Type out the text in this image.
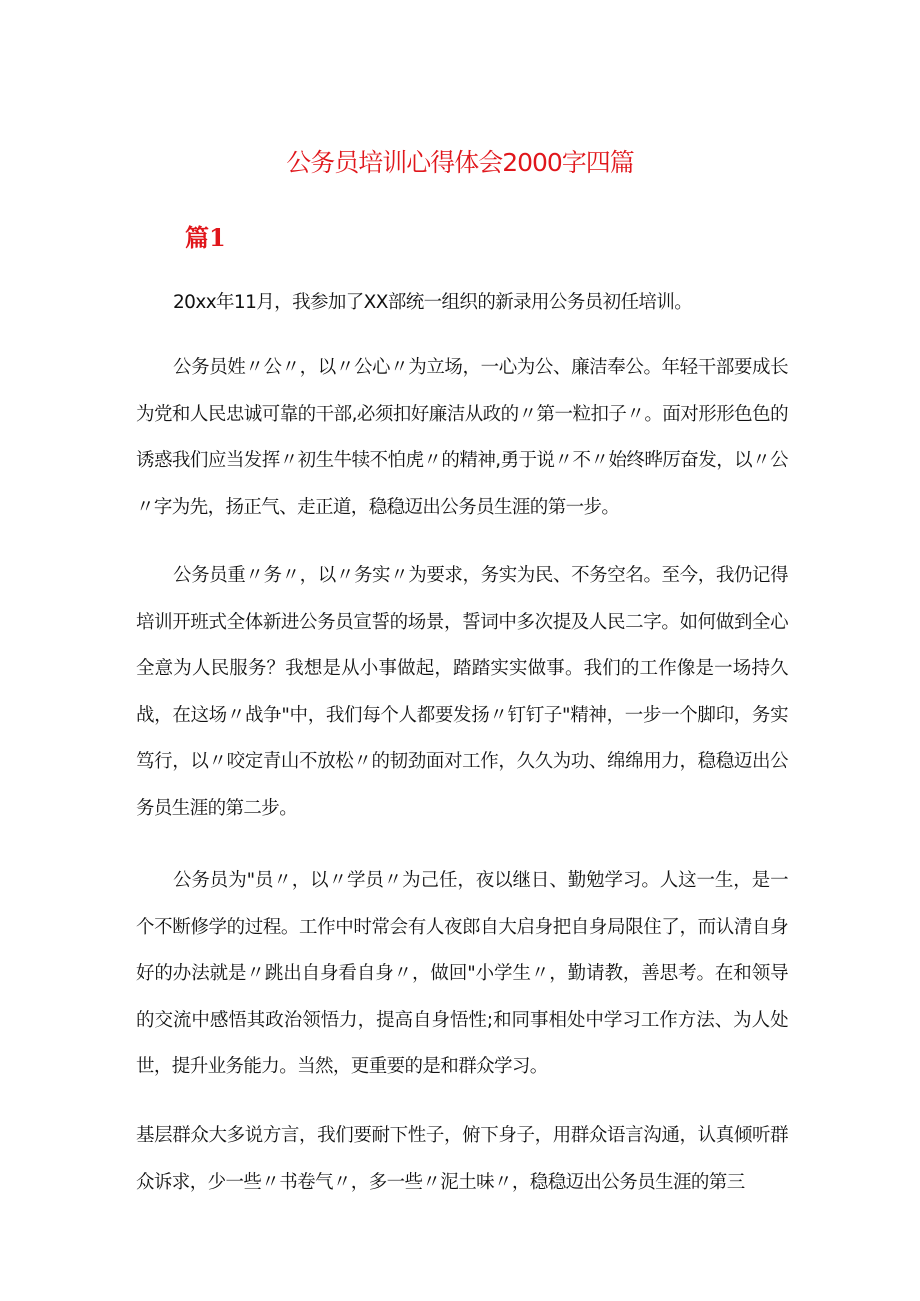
公务员培训心得体会2000字四篇
篇1

20xx年11月，我参加了XX部统一组织的新录用公务员初任培训。

公务员姓〃公〃，以〃公心〃为立场，一心为公、廉洁奉公。年轻干部要成长为党和人民忠诚可靠的干部,必须扣好廉洁从政的〃第一粒扣子〃。面对形形色色的诱惑我们应当发挥〃初生牛犊不怕虎〃的精神,勇于说〃不〃始终晔厉奋发，以〃公〃字为先，扬正气、走正道，稳稳迈出公务员生涯的第一步。

公务员重〃务〃，以〃务实〃为要求，务实为民、不务空名。至今，我仍记得培训开班式全体新进公务员宣誓的场景，誓词中多次提及人民二字。如何做到全心全意为人民服务？我想是从小事做起，踏踏实实做事。我们的工作像是一场持久战，在这场〃战争"中，我们每个人都要发扬〃钉钉子"精神，一步一个脚印，务实笃行，以〃咬定青山不放松〃的韧劲面对工作，久久为功、绵绵用力，稳稳迈出公务员生涯的第二步。

公务员为"员〃，以〃学员〃为己任，夜以继日、勤勉学习。人这一生，是一个不断修学的过程。工作中时常会有人夜郎自大启身把自身局限住了，而认清自身好的办法就是〃跳出自身看自身〃，做回"小学生〃，勤请教，善思考。在和领导的交流中感悟其政治领悟力，提高自身悟性;和同事相处中学习工作方法、为人处世，提升业务能力。当然，更重要的是和群众学习。

基层群众大多说方言，我们要耐下性子，俯下身子，用群众语言沟通，认真倾听群众诉求，少一些〃书卷气〃，多一些〃泥土味〃，稳稳迈出公务员生涯的第三
